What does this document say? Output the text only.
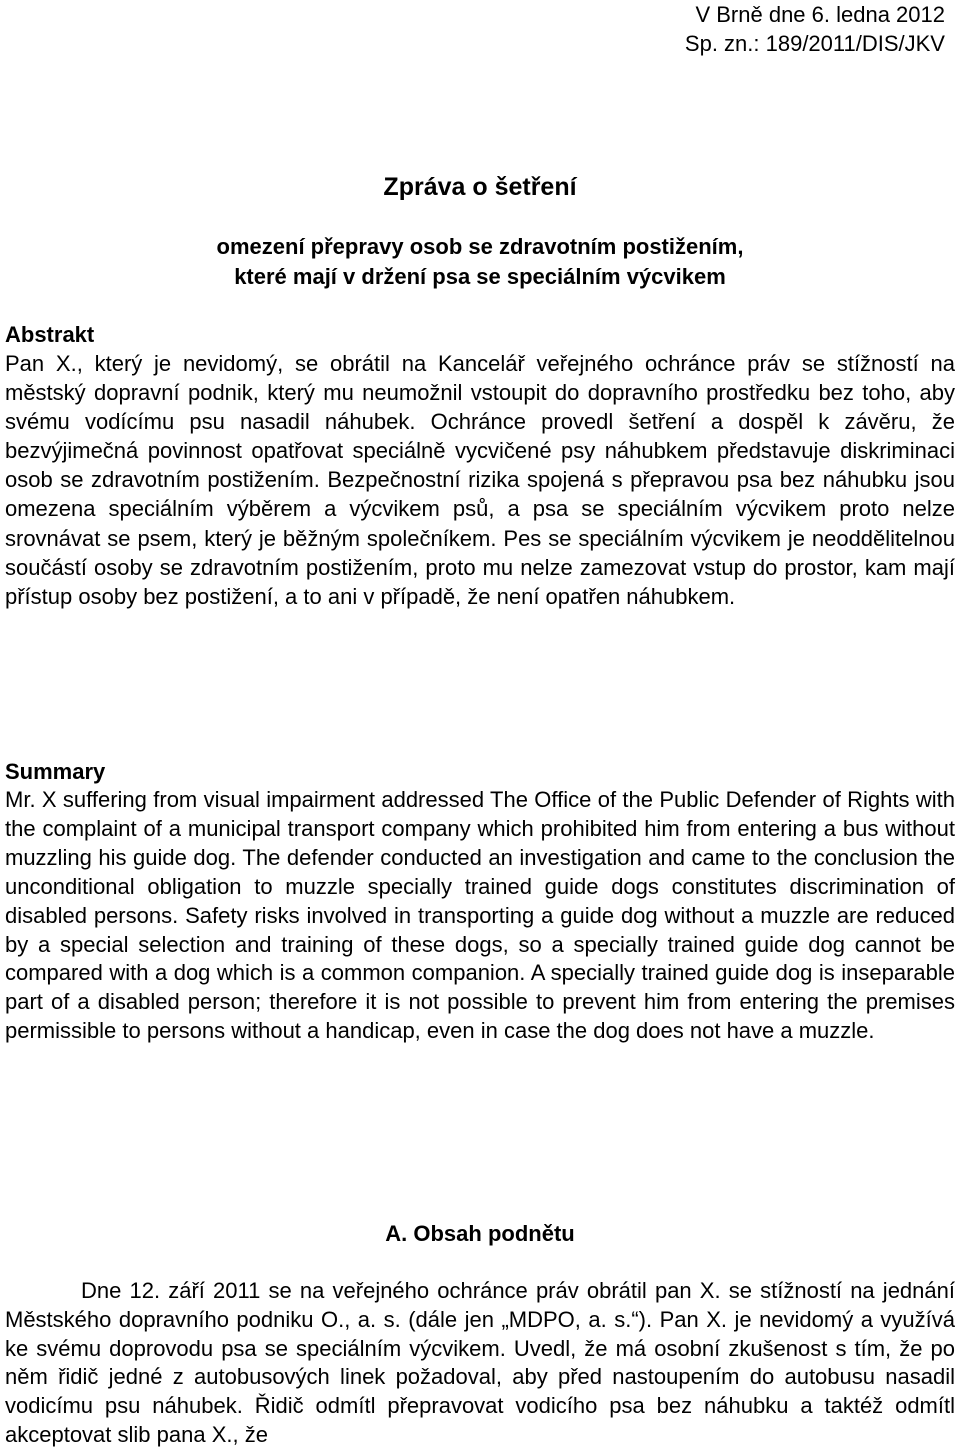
V Brně dne 6. ledna 2012
Sp. zn.: 189/2011/DIS/JKV
Zpráva o šetření
omezení přepravy osob se zdravotním postižením,
které mají v držení psa se speciálním výcvikem
Abstrakt
Pan X., který je nevidomý, se obrátil na Kancelář veřejného ochránce práv se stížností na městský dopravní podnik, který mu neumožnil vstoupit do dopravního prostředku bez toho, aby svému vodícímu psu nasadil náhubek. Ochránce provedl šetření a dospěl k závěru, že bezvýjimečná povinnost opatřovat speciálně vycvičené psy náhubkem představuje diskriminaci osob se zdravotním postižením. Bezpečnostní rizika spojená s přepravou psa bez náhubku jsou omezena speciálním výběrem a výcvikem psů, a psa se speciálním výcvikem proto nelze srovnávat se psem, který je běžným společníkem. Pes se speciálním výcvikem je neoddělitelnou součástí osoby se zdravotním postižením, proto mu nelze zamezovat vstup do prostor, kam mají přístup osoby bez postižení, a to ani v případě, že není opatřen náhubkem.
Summary
Mr. X suffering from visual impairment addressed The Office of the Public Defender of Rights with the complaint of a municipal transport company which prohibited him from entering a bus without muzzling his guide dog. The defender conducted an investigation and came to the conclusion the unconditional obligation to muzzle specially trained guide dogs constitutes discrimination of disabled persons. Safety risks involved in transporting a guide dog without a muzzle are reduced by a special selection and training of these dogs, so a specially trained guide dog cannot be compared with a dog which is a common companion. A specially trained guide dog is inseparable part of a disabled person; therefore it is not possible to prevent him from entering the premises permissible to persons without a handicap, even in case the dog does not have a muzzle.
A. Obsah podnětu
Dne 12. září 2011 se na veřejného ochránce práv obrátil pan X. se stížností na jednání Městského dopravního podniku O., a. s. (dále jen „MDPO, a. s.“). Pan X. je nevidomý a využívá ke svému doprovodu psa se speciálním výcvikem. Uvedl, že má osobní zkušenost s tím, že po něm řidič jedné z autobusových linek požadoval, aby před nastoupením do autobusu nasadil vodicímu psu náhubek. Řidič odmítl přepravovat vodicího psa bez náhubku a taktéž odmítl akceptovat slib pana X., že
